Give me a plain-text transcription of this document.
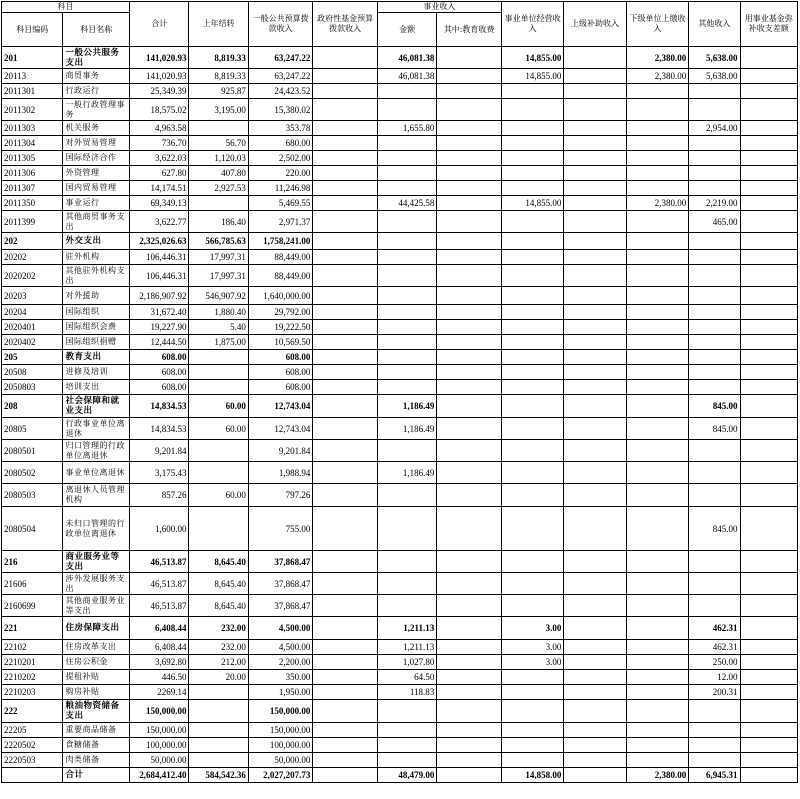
科目		合计	上年结转	一般公共预算拨款收入	政府性基金预算拨款收入	事业收入		事业单位经营收入	上级补助收入	下级单位上缴收入	其他收入	用事业基金弥补收支差额
科目编码	科目名称					金额	其中:教育收费					
201	一般公共服务支出	141,020.93	8,819.33	63,247.22		46,081.38		14,855.00		2,380.00	5,638.00	
20113	商贸事务	141,020.93	8,819.33	63,247.22		46,081.38		14,855.00		2,380.00	5,638.00	
2011301	行政运行	25,349.39	925.87	24,423.52								
2011302	一般行政管理事务	18,575.02	3,195.00	15,380.02								
2011303	机关服务	4,963.58		353.78		1,655.80					2,954.00	
2011304	对外贸易管理	736.70	56.70	680.00								
2011305	国际经济合作	3,622.03	1,120.03	2,502.00								
2011306	外资管理	627.80	407.80	220.00								
2011307	国内贸易管理	14,174.51	2,927.53	11,246.98								
2011350	事业运行	69,349.13		5,469.55		44,425.58		14,855.00		2,380.00	2,219.00	
2011399	其他商贸事务支出	3,622.77	186.40	2,971.37							465.00	
202	外交支出	2,325,026.63	566,785.63	1,758,241.00								
20202	驻外机构	106,446.31	17,997.31	88,449.00								
2020202	其他驻外机构支出	106,446.31	17,997.31	88,449.00								
20203	对外援助	2,186,907.92	546,907.92	1,640,000.00								
20204	国际组织	31,672.40	1,880.40	29,792.00								
2020401	国际组织会费	19,227.90	5.40	19,222.50								
2020402	国际组织捐赠	12,444.50	1,875.00	10,569.50								
205	教育支出	608.00		608.00								
20508	进修及培训	608.00		608.00								
2050803	培训支出	608.00		608.00								
208	社会保障和就业支出	14,834.53	60.00	12,743.04		1,186.49					845.00	
20805	行政事业单位离退休	14,834.53	60.00	12,743.04		1,186.49					845.00	
2080501	归口管理的行政单位离退休	9,201.84		9,201.84								
2080502	事业单位离退休	3,175.43		1,988.94		1,186.49						
2080503	离退休人员管理机构	857.26	60.00	797.26								
2080504	未归口管理的行政单位离退休	1,600.00		755.00							845.00	
216	商业服务业等支出	46,513.87	8,645.40	37,868.47								
21606	涉外发展服务支出	46,513.87	8,645.40	37,868.47								
2160699	其他商业服务业等支出	46,513.87	8,645.40	37,868.47								
221	住房保障支出	6,408.44	232.00	4,500.00		1,211.13		3.00			462.31	
22102	住房改革支出	6,408.44	232.00	4,500.00		1,211.13		3.00			462.31	
2210201	住房公积金	3,692.80	212.00	2,200.00		1,027.80		3.00			250.00	
2210202	提租补贴	446.50	20.00	350.00		64.50					12.00	
2210203	购房补贴	2269.14		1,950.00		118.83					200.31	
222	粮油物资储备支出	150,000.00		150,000.00								
22205	重要商品储备	150,000.00		150,000.00								
2220502	食糖储备	100,000.00		100,000.00								
2220503	肉类储备	50,000.00		50,000.00								
	合计	2,684,412.40	584,542.36	2,027,207.73		48,479.00		14,858.00		2,380.00	6,945.31	
